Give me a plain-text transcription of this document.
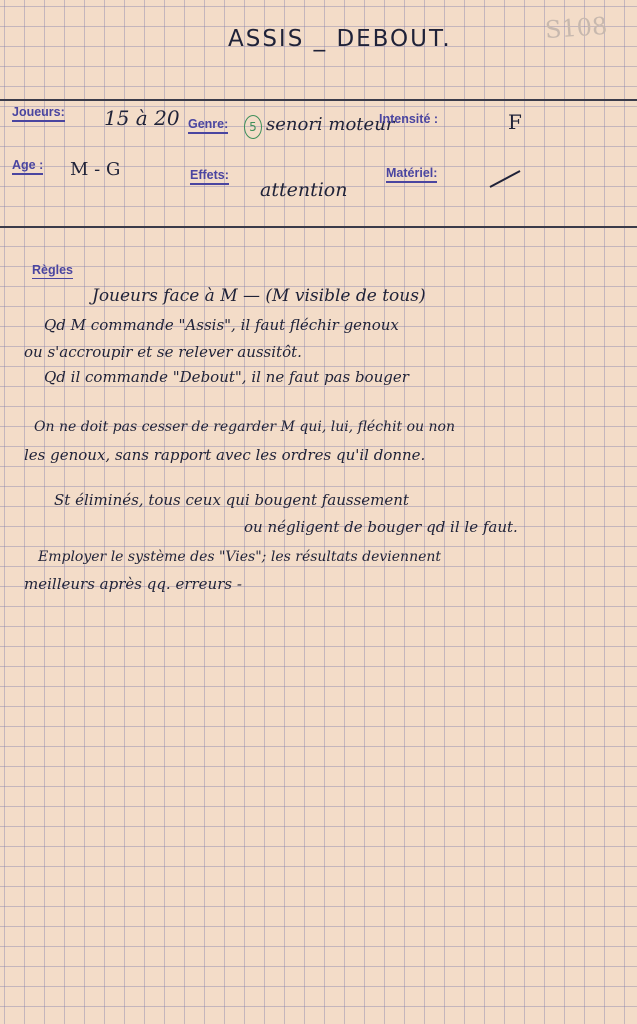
ASSIS _ DEBOUT.	S108
Joueurs: 15 à 20 Genre:	5 senori moteur
Intensité :	F
Age : M - G	Effets:
attention
Matériel:
Règles
Joueurs face à M — (M visible de tous)
Qd M commande "Assis", il faut fléchir genoux
ou s'accroupir et se relever aussitôt.
Qd il commande "Debout", il ne faut pas bouger
On ne doit pas cesser de regarder M qui, lui, fléchit ou non
les genoux, sans rapport avec les ordres qu'il donne.
St éliminés, tous ceux qui bougent faussement
ou négligent de bouger qd il le faut.
Employer le système des "Vies"; les résultats deviennent
meilleurs après qq. erreurs -
